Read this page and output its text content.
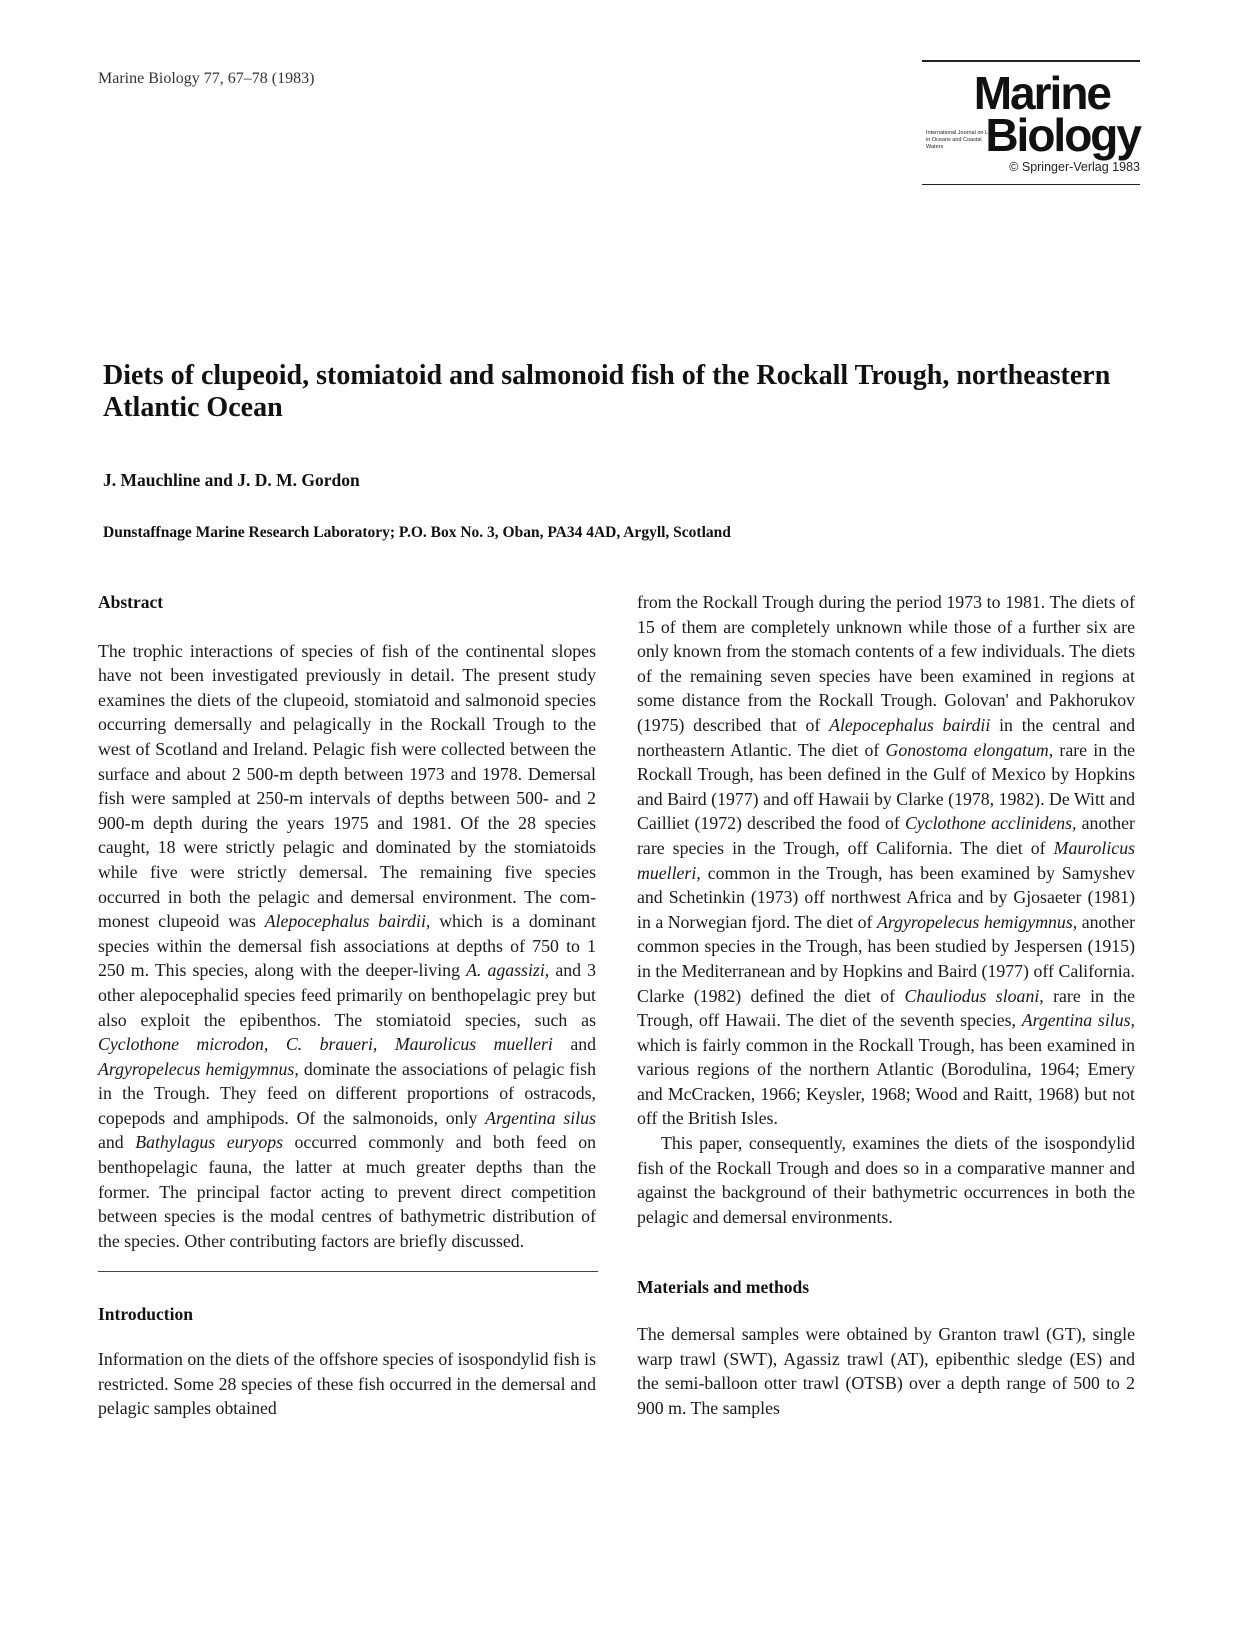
Marine Biology 77, 67–78 (1983)	Marine
International Journal on Life in Oceans and Coastal Waters Biology
© Springer-Verlag 1983
Diets of clupeoid, stomiatoid and salmonoid fish of the Rockall Trough, northeastern Atlantic Ocean
J. Mauchline and J. D. M. Gordon
Dunstaffnage Marine Research Laboratory; P.O. Box No. 3, Oban, PA34 4AD, Argyll, Scotland
Abstract

The trophic interactions of species of fish of the continental slopes have not been investigated previously in detail. The present study examines the diets of the clupeoid, stomiatoid and salmonoid species occurring demersally and pelagically in the Rockall Trough to the west of Scotland and Ireland. Pelagic fish were collected between the surface and about 2 500-m depth between 1973 and 1978. Demersal fish were sampled at 250-m intervals of depths between 500- and 2 900-m depth during the years 1975 and 1981. Of the 28 species caught, 18 were strictly pelagic and dominated by the stomiatoids while five were strictly demersal. The remaining five species occurred in both the pelagic and demersal environment. The commonest clupeoid was Alepocephalus bairdii, which is a dominant species within the demersal fish associations at depths of 750 to 1 250 m. This species, along with the deeper-living A. agassizi, and 3 other alepocephalid species feed primarily on benthopelagic prey but also exploit the epibenthos. The stomiatoid species, such as Cyclothone microdon, C. braueri, Maurolicus muelleri and Argyropelecus hemigymnus, dominate the associations of pelagic fish in the Trough. They feed on different proportions of ostracods, copepods and amphipods. Of the salmonoids, only Argentina silus and Bathylagus euryops occurred commonly and both feed on benthopelagic fauna, the latter at much greater depths than the former. The principal factor acting to prevent direct competition between species is the modal centres of bathymetric distribution of the species. Other contributing factors are briefly discussed.

Introduction

Information on the diets of the offshore species of isospondylid fish is restricted. Some 28 species of these fish occurred in the demersal and pelagic samples obtained

from the Rockall Trough during the period 1973 to 1981. The diets of 15 of them are completely unknown while those of a further six are only known from the stomach contents of a few individuals. The diets of the remaining seven species have been examined in regions at some distance from the Rockall Trough. Golovan' and Pakhorukov (1975) described that of Alepocephalus bairdii in the central and northeastern Atlantic. The diet of Gonostoma elongatum, rare in the Rockall Trough, has been defined in the Gulf of Mexico by Hopkins and Baird (1977) and off Hawaii by Clarke (1978, 1982). De Witt and Cailliet (1972) described the food of Cyclothone acclinidens, another rare species in the Trough, off California. The diet of Maurolicus muelleri, common in the Trough, has been examined by Samyshev and Schetinkin (1973) off northwest Africa and by Gjosaeter (1981) in a Norwegian fjord. The diet of Argyropelecus hemigymnus, another common species in the Trough, has been studied by Jespersen (1915) in the Mediterranean and by Hopkins and Baird (1977) off California. Clarke (1982) defined the diet of Chauliodus sloani, rare in the Trough, off Hawaii. The diet of the seventh species, Argentina silus, which is fairly common in the Rockall Trough, has been examined in various regions of the northern Atlantic (Borodulina, 1964; Emery and McCracken, 1966; Keysler, 1968; Wood and Raitt, 1968) but not off the British Isles.

This paper, consequently, examines the diets of the isospondylid fish of the Rockall Trough and does so in a comparative manner and against the background of their bathymetric occurrences in both the pelagic and demersal environments.

Materials and methods

The demersal samples were obtained by Granton trawl (GT), single warp trawl (SWT), Agassiz trawl (AT), epibenthic sledge (ES) and the semi-balloon otter trawl (OTSB) over a depth range of 500 to 2 900 m. The samples
